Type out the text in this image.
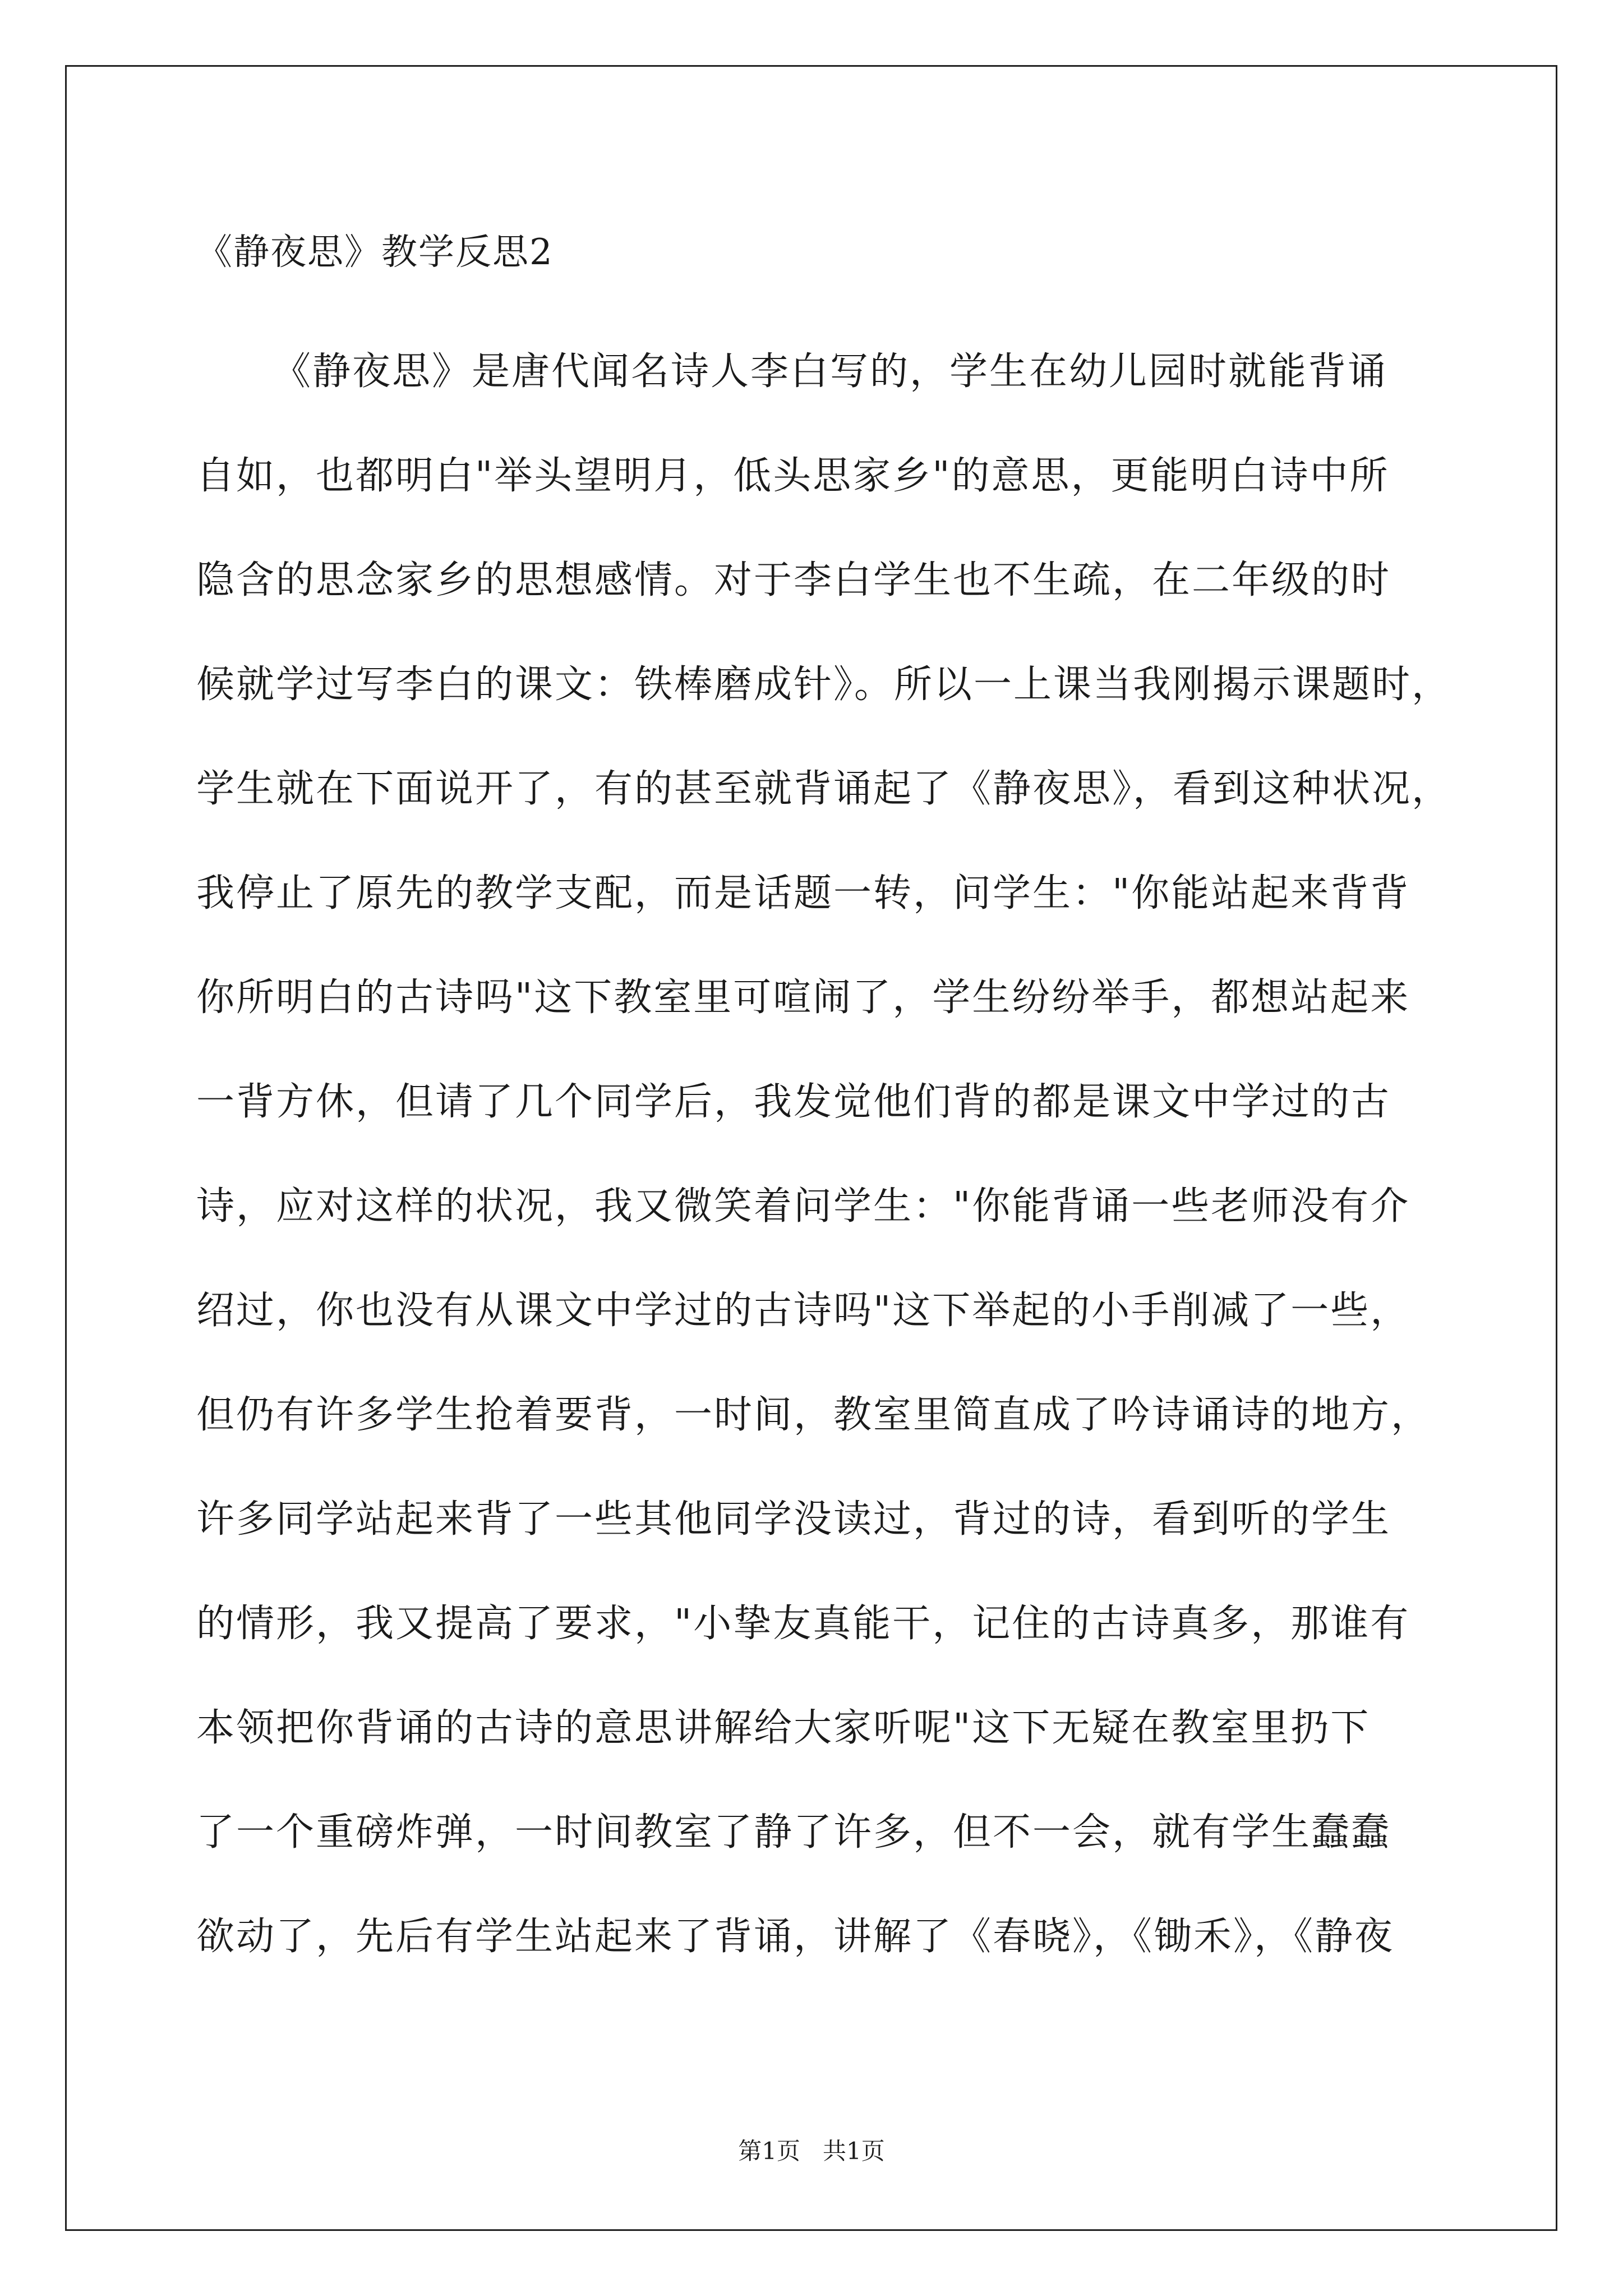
《静夜思》教学反思2
《静夜思》是唐代闻名诗人李白写的，学生在幼儿园时就能背诵
自如，也都明白"举头望明月，低头思家乡"的意思，更能明白诗中所
隐含的思念家乡的思想感情。对于李白学生也不生疏，在二年级的时
候就学过写李白的课文：铁棒磨成针》。所以一上课当我刚揭示课题时，
学生就在下面说开了，有的甚至就背诵起了《静夜思》，看到这种状况，
我停止了原先的教学支配，而是话题一转，问学生："你能站起来背背
你所明白的古诗吗"这下教室里可喧闹了，学生纷纷举手，都想站起来
一背方休，但请了几个同学后，我发觉他们背的都是课文中学过的古
诗，应对这样的状况，我又微笑着问学生："你能背诵一些老师没有介
绍过，你也没有从课文中学过的古诗吗"这下举起的小手削减了一些，
但仍有许多学生抢着要背，一时间，教室里简直成了吟诗诵诗的地方，
许多同学站起来背了一些其他同学没读过，背过的诗，看到听的学生
的情形，我又提高了要求，"小挚友真能干，记住的古诗真多，那谁有
本领把你背诵的古诗的意思讲解给大家听呢"这下无疑在教室里扔下
了一个重磅炸弹，一时间教室了静了许多，但不一会，就有学生蠢蠢
欲动了，先后有学生站起来了背诵，讲解了《春晓》，《锄禾》，《静夜
第1页   共1页
